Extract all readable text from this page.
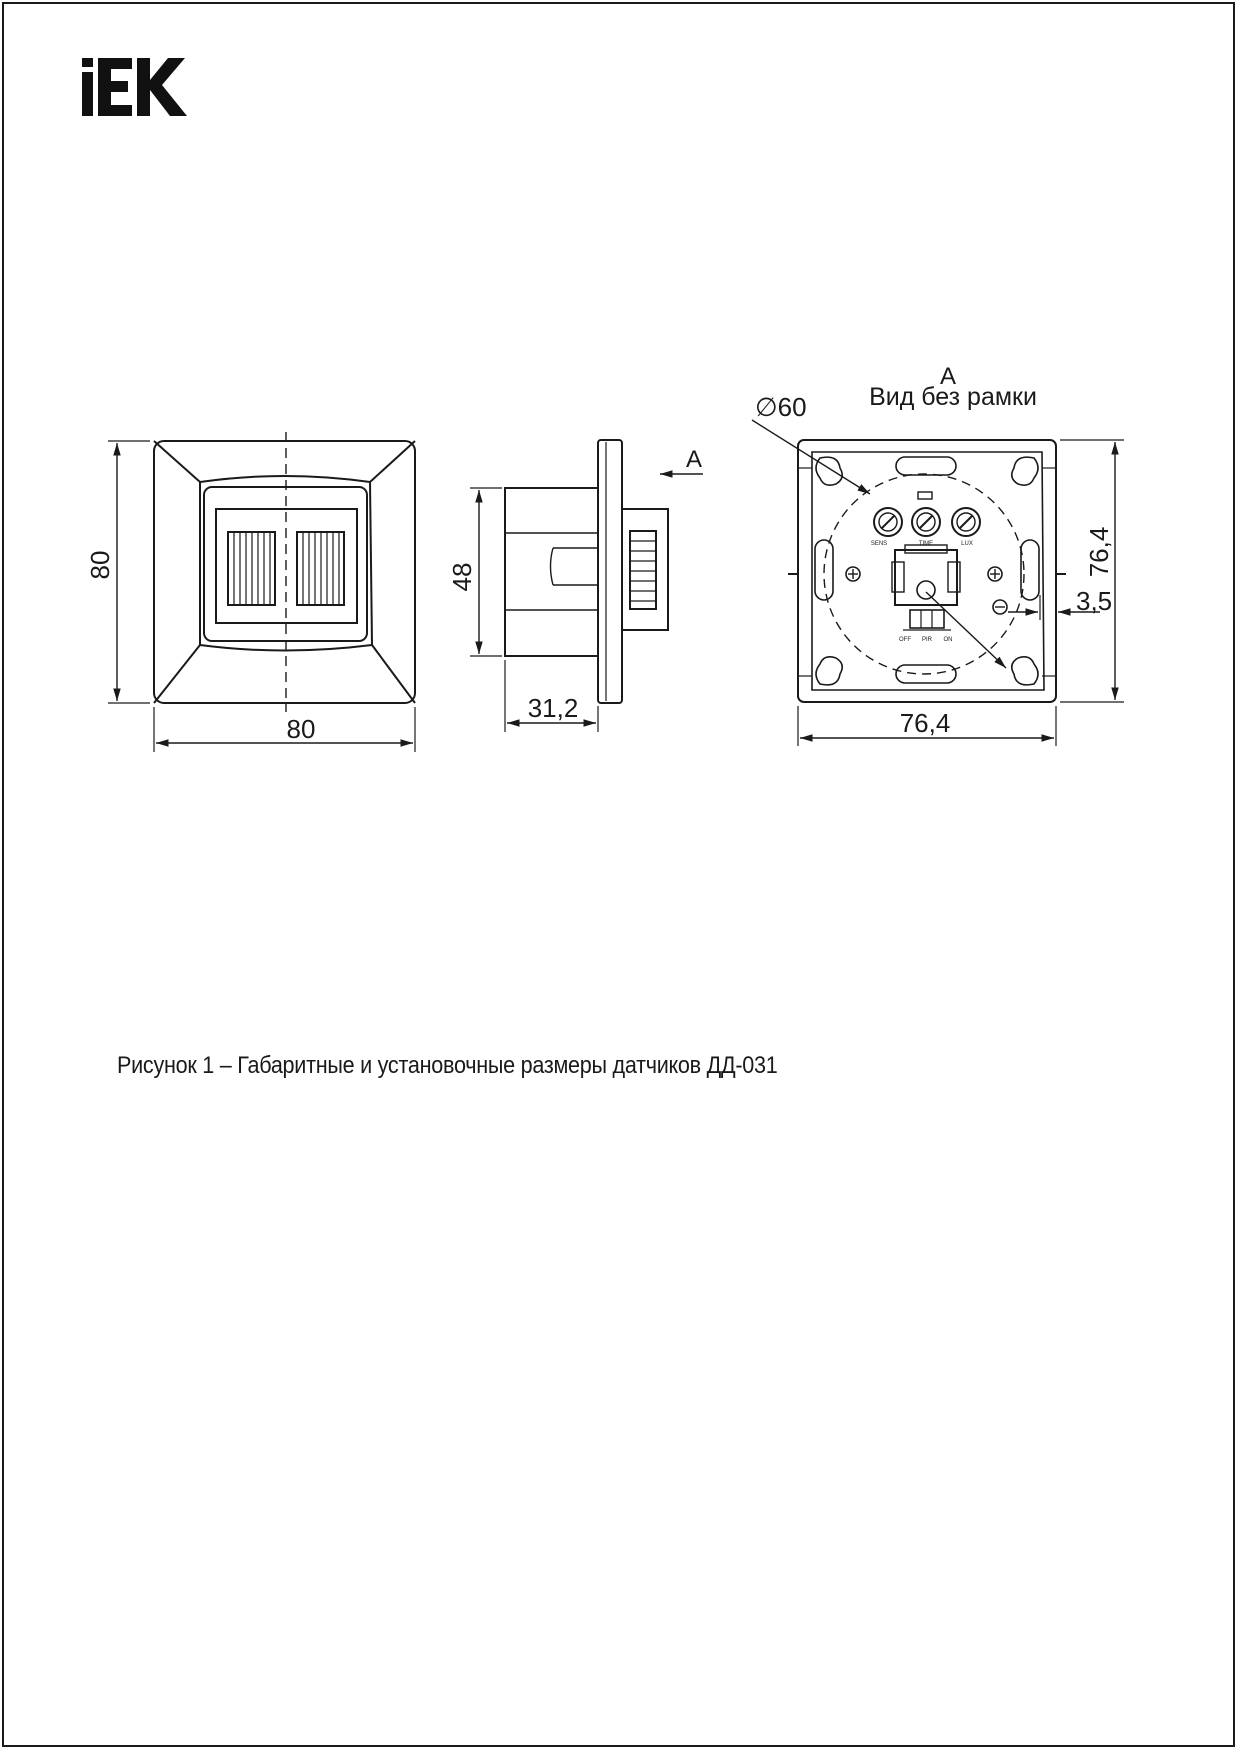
80
80
31,2
48
A
A
Вид без рамки
∅60
76,4
76,4
3,5
SENS	TIME	LUX
OFF PIR ON
Рисунок 1 – Габаритные и установочные размеры датчиков ДД-031
